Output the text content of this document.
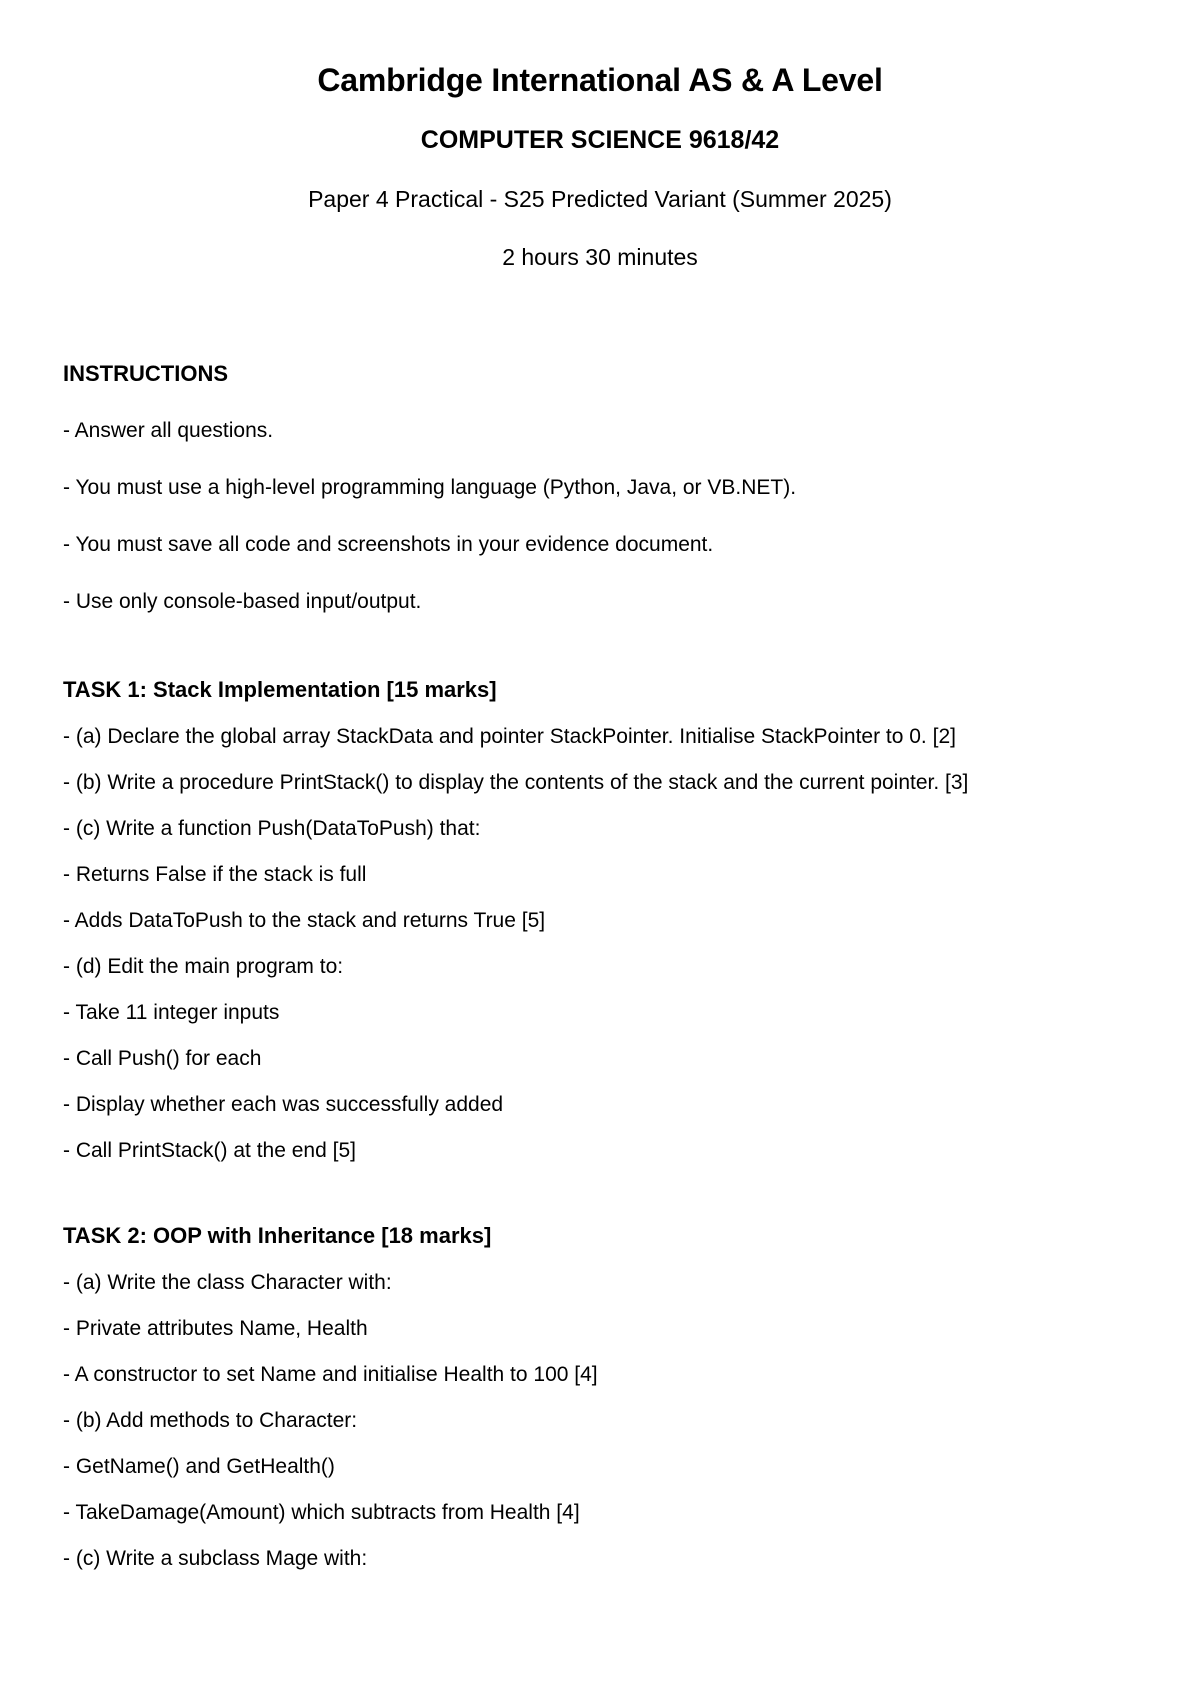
Cambridge International AS & A Level
COMPUTER SCIENCE 9618/42
Paper 4 Practical - S25 Predicted Variant (Summer 2025)
2 hours 30 minutes

INSTRUCTIONS

- Answer all questions.

- You must use a high-level programming language (Python, Java, or VB.NET).

- You must save all code and screenshots in your evidence document.

- Use only console-based input/output.

TASK 1: Stack Implementation [15 marks]

- (a) Declare the global array StackData and pointer StackPointer. Initialise StackPointer to 0. [2]

- (b) Write a procedure PrintStack() to display the contents of the stack and the current pointer. [3]

- (c) Write a function Push(DataToPush) that:

- Returns False if the stack is full

- Adds DataToPush to the stack and returns True [5]

- (d) Edit the main program to:

- Take 11 integer inputs

- Call Push() for each

- Display whether each was successfully added

- Call PrintStack() at the end [5]

TASK 2: OOP with Inheritance [18 marks]

- (a) Write the class Character with:

- Private attributes Name, Health

- A constructor to set Name and initialise Health to 100 [4]

- (b) Add methods to Character:

- GetName() and GetHealth()

- TakeDamage(Amount) which subtracts from Health [4]

- (c) Write a subclass Mage with:
